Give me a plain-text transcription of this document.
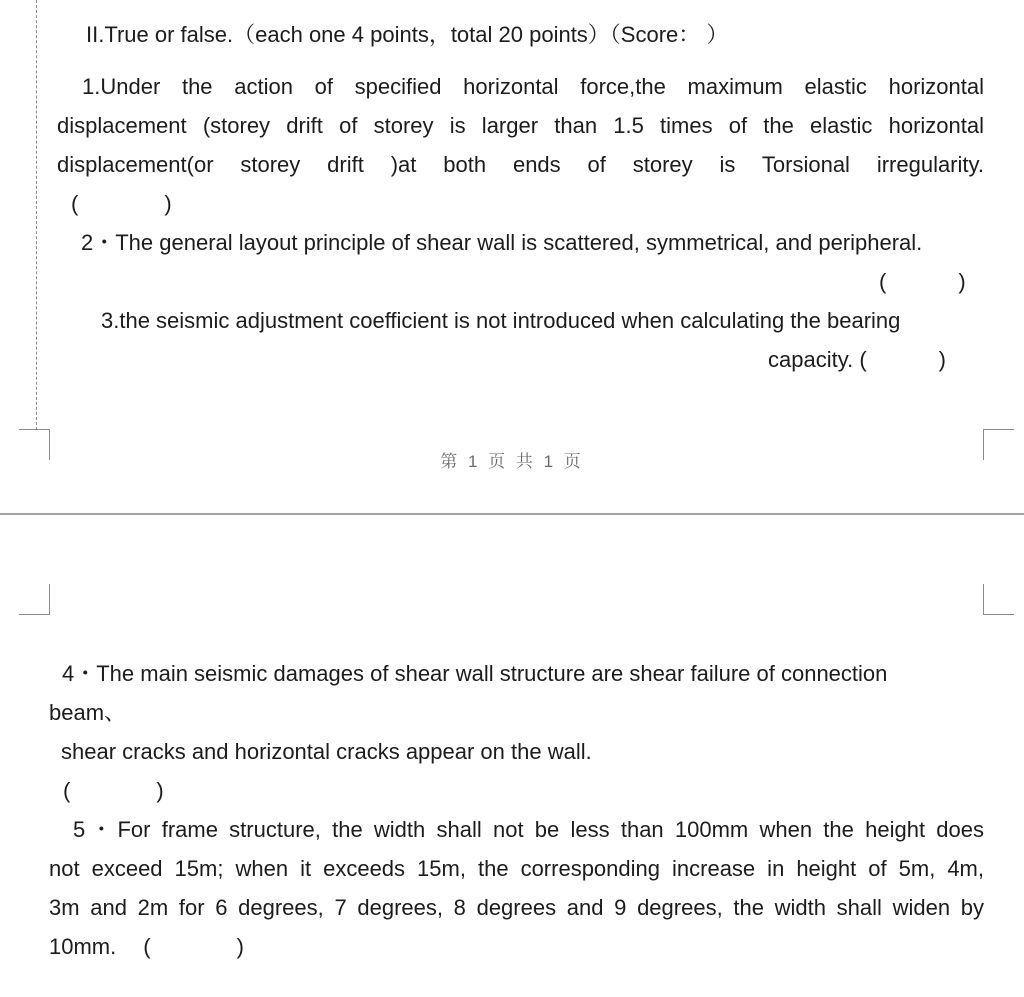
II.True or false.（each one 4 points，total 20 points）（Score： ）
1.Under the action of specified horizontal force,the maximum elastic horizontal
displacement (storey drift of storey is larger than 1.5 times of the elastic horizontal
displacement(or storey drift )at both ends of storey is Torsional irregularity.
(	)
2・The general layout principle of shear wall is scattered, symmetrical, and peripheral.
(	)
3.the seismic adjustment coefficient is not introduced when calculating the bearing
capacity. (	)
第 1 页 共 1 页
4・The main seismic damages of shear wall structure are shear failure of connection
beam、
shear cracks and horizontal cracks appear on the wall.
(	)
5・For frame structure, the width shall not be less than 100mm when the height does
not exceed 15m; when it exceeds 15m, the corresponding increase in height of 5m, 4m,
3m and 2m for 6 degrees, 7 degrees, 8 degrees and 9 degrees, the width shall widen by
10mm. (	)
